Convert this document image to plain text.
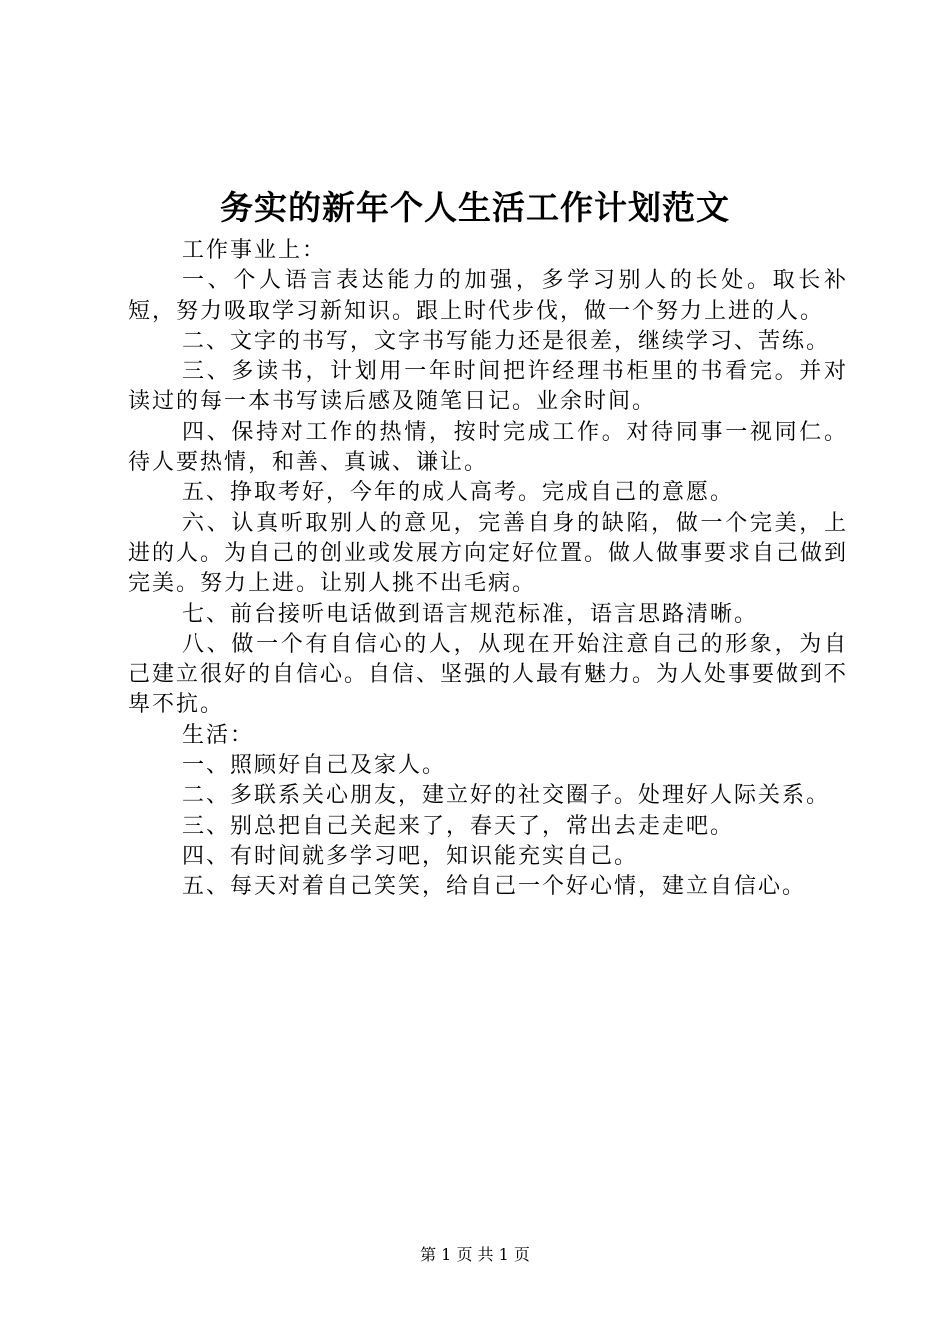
务实的新年个人生活工作计划范文

工作事业上：

一、个人语言表达能力的加强，多学习别人的长处。取长补短，努力吸取学习新知识。跟上时代步伐，做一个努力上进的人。

二、文字的书写，文字书写能力还是很差，继续学习、苦练。

三、多读书，计划用一年时间把许经理书柜里的书看完。并对读过的每一本书写读后感及随笔日记。业余时间。

四、保持对工作的热情，按时完成工作。对待同事一视同仁。待人要热情，和善、真诚、谦让。

五、挣取考好，今年的成人高考。完成自己的意愿。

六、认真听取别人的意见，完善自身的缺陷，做一个完美，上进的人。为自己的创业或发展方向定好位置。做人做事要求自己做到完美。努力上进。让别人挑不出毛病。

七、前台接听电话做到语言规范标准，语言思路清晰。

八、做一个有自信心的人，从现在开始注意自己的形象，为自己建立很好的自信心。自信、坚强的人最有魅力。为人处事要做到不卑不抗。

生活：

一、照顾好自己及家人。

二、多联系关心朋友，建立好的社交圈子。处理好人际关系。

三、别总把自己关起来了，春天了，常出去走走吧。

四、有时间就多学习吧，知识能充实自己。

五、每天对着自己笑笑，给自己一个好心情，建立自信心。

第 1 页 共 1 页
